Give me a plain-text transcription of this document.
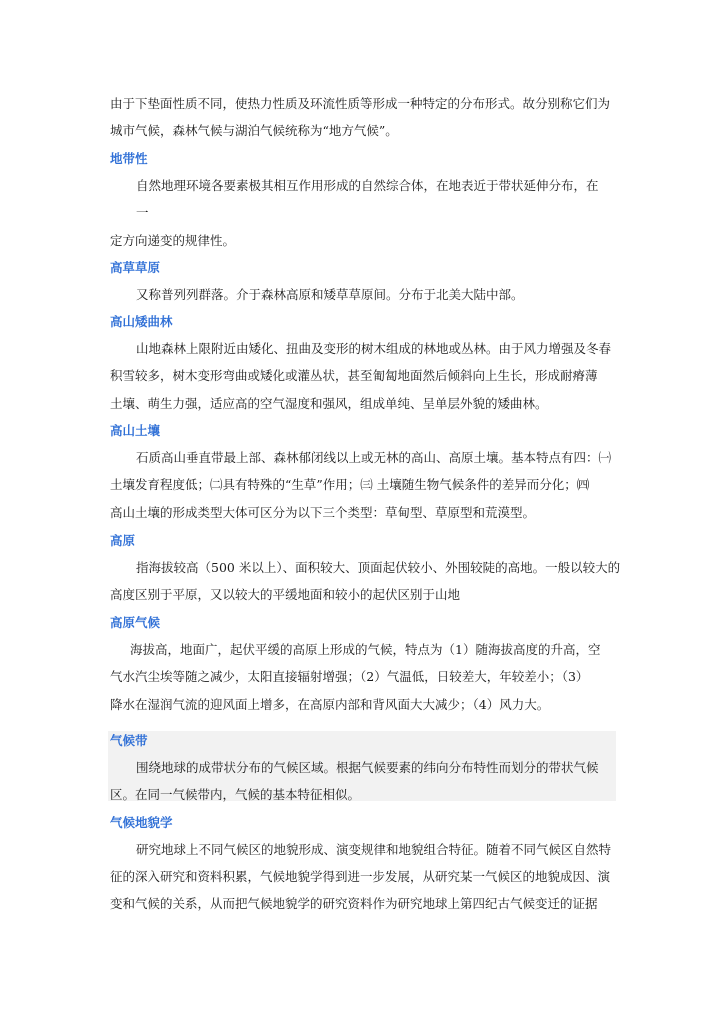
由于下垫面性质不同，使热力性质及环流性质等形成一种特定的分布形式。故分别称它们为
城市气候，森林气候与湖泊气候统称为“地方气候”。
地带性
自然地理环境各要素极其相互作用形成的自然综合体，在地表近于带状延伸分布，在
一
定方向递变的规律性。
高草草原
又称普列列群落。介于森林高原和矮草草原间。分布于北美大陆中部。
高山矮曲林
山地森林上限附近由矮化、扭曲及变形的树木组成的林地或丛林。由于风力增强及冬春
积雪较多，树木变形弯曲或矮化或灌丛状，甚至匍匐地面然后倾斜向上生长，形成耐瘠薄
土壤、萌生力强，适应高的空气湿度和强风，组成单纯、呈单层外貌的矮曲林。
高山土壤
石质高山垂直带最上部、森林郁闭线以上或无林的高山、高原土壤。基本特点有四：㈠
土壤发育程度低；㈡具有特殊的“生草”作用；㈢ 土壤随生物气候条件的差异而分化；㈣
高山土壤的形成类型大体可区分为以下三个类型：草甸型、草原型和荒漠型。
高原
指海拔较高（500 米以上）、面积较大、顶面起伏较小、外围较陡的高地。一般以较大的
高度区别于平原，又以较大的平缓地面和较小的起伏区别于山地
高原气候
海拔高，地面广，起伏平缓的高原上形成的气候，特点为（1）随海拔高度的升高，空
气水汽尘埃等随之减少，太阳直接辐射增强；（2）气温低，日较差大，年较差小；（3）
降水在湿润气流的迎风面上增多，在高原内部和背风面大大减少；（4）风力大。
气候带
围绕地球的成带状分布的气候区域。根据气候要素的纬向分布特性而划分的带状气候
区。在同一气候带内，气候的基本特征相似。
气候地貌学
研究地球上不同气候区的地貌形成、演变规律和地貌组合特征。随着不同气候区自然特
征的深入研究和资料积累，气候地貌学得到进一步发展，从研究某一气候区的地貌成因、演
变和气候的关系，从而把气候地貌学的研究资料作为研究地球上第四纪古气候变迁的证据
